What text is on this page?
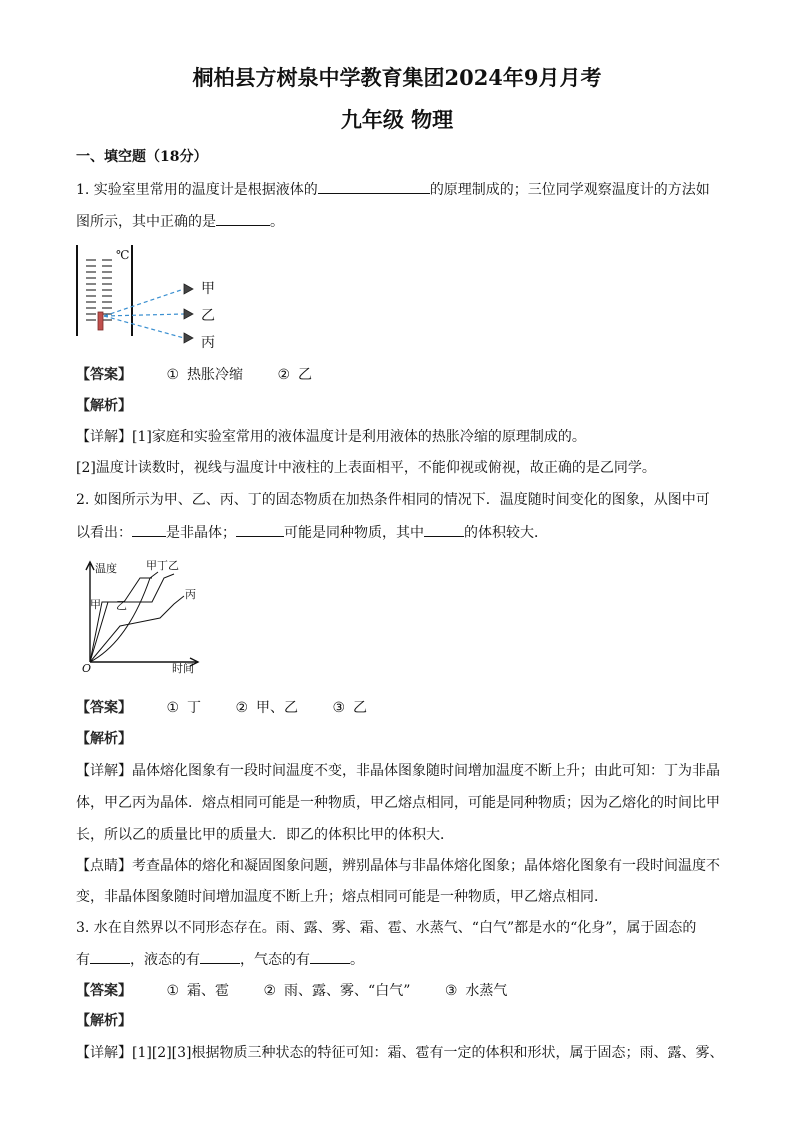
桐柏县方树泉中学教育集团2024年9月月考
九年级 物理
一、填空题（18分）
1. 实验室里常用的温度计是根据液体的	的原理制成的；三位同学观察温度计的方法如
图所示，其中正确的是	。
℃
甲
乙
丙
【答案】 ① 热胀冷缩 ② 乙
【解析】
【详解】[1]家庭和实验室常用的液体温度计是利用液体的热胀冷缩的原理制成的。
[2]温度计读数时，视线与温度计中液柱的上表面相平，不能仰视或俯视，故正确的是乙同学。
2. 如图所示为甲、乙、丙、丁的固态物质在加热条件相同的情况下．温度随时间变化的图象，从图中可
以看出： 是非晶体；	可能是同种物质，其中	的体积较大．
温度	甲丁乙
丙
甲 乙
O	时间
【答案】 ① 丁 ② 甲、乙 ③ 乙
【解析】
【详解】晶体熔化图象有一段时间温度不变，非晶体图象随时间增加温度不断上升；由此可知：丁为非晶
体，甲乙丙为晶体．熔点相同可能是一种物质，甲乙熔点相同，可能是同种物质；因为乙熔化的时间比甲
长，所以乙的质量比甲的质量大．即乙的体积比甲的体积大．
【点睛】考查晶体的熔化和凝固图象问题，辨别晶体与非晶体熔化图象；晶体熔化图象有一段时间温度不
变，非晶体图象随时间增加温度不断上升；熔点相同可能是一种物质，甲乙熔点相同．
3. 水在自然界以不同形态存在。雨、露、雾、霜、雹、水蒸气、“白气”都是水的“化身”，属于固态的
有	，液态的有	，气态的有	。
【答案】 ① 霜、雹 ② 雨、露、雾、“白气” ③ 水蒸气
【解析】
【详解】[1][2][3]根据物质三种状态的特征可知：霜、雹有一定的体积和形状，属于固态；雨、露、雾、
